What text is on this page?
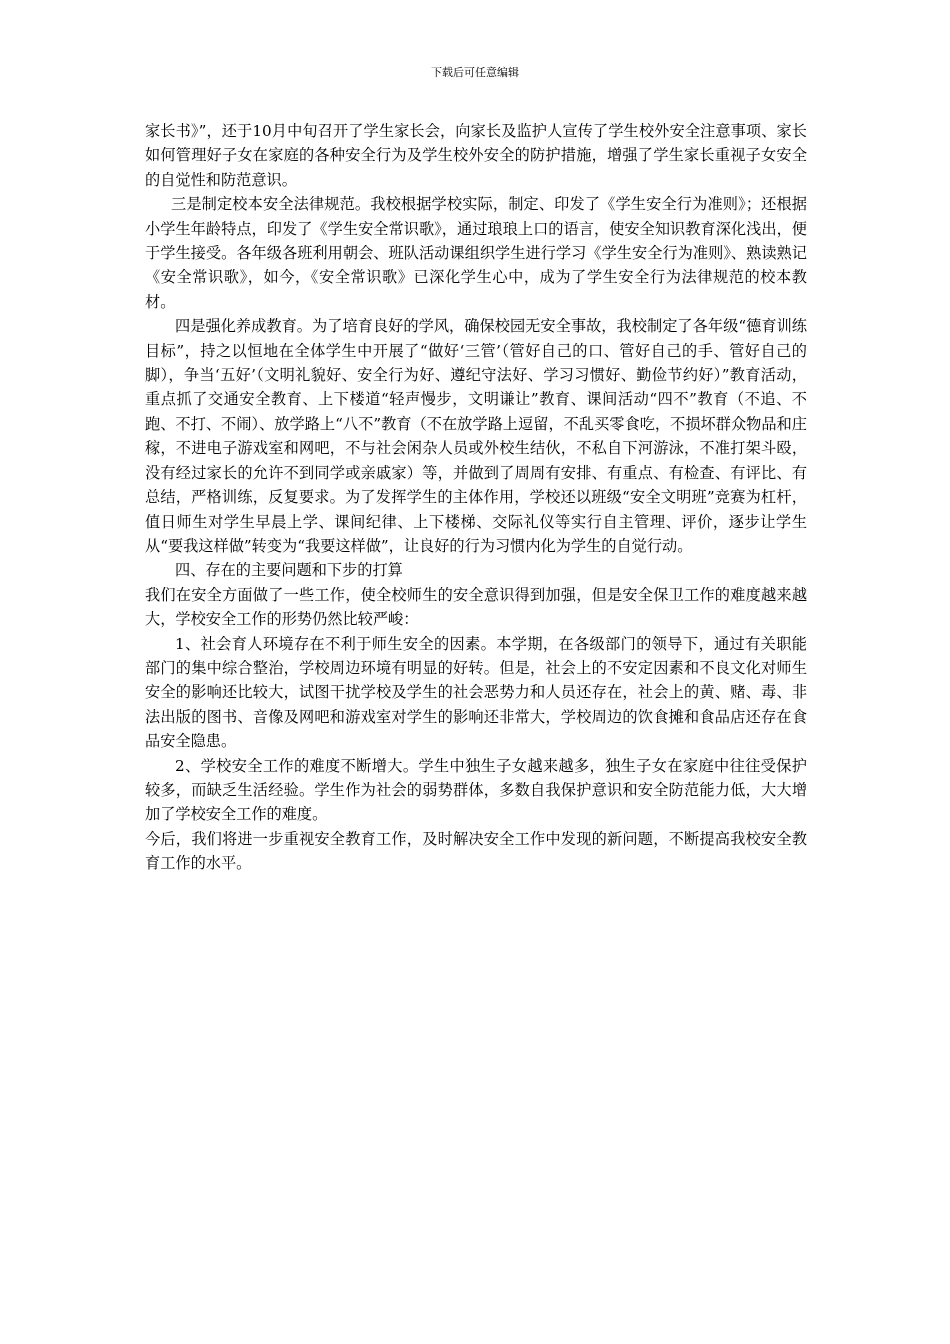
下载后可任意编辑

家长书》”，还于10月中旬召开了学生家长会，向家长及监护人宣传了学生校外安全注意事项、家长如何管理好子女在家庭的各种安全行为及学生校外安全的防护措施，增强了学生家长重视子女安全的自觉性和防范意识。

三是制定校本安全法律规范。我校根据学校实际，制定、印发了《学生安全行为准则》；还根据小学生年龄特点，印发了《学生安全常识歌》，通过琅琅上口的语言，使安全知识教育深化浅出，便于学生接受。各年级各班利用朝会、班队活动课组织学生进行学习《学生安全行为准则》、熟读熟记《安全常识歌》，如今，《安全常识歌》已深化学生心中，成为了学生安全行为法律规范的校本教材。

四是强化养成教育。为了培育良好的学风，确保校园无安全事故，我校制定了各年级“德育训练目标”，持之以恒地在全体学生中开展了“做好‘三管’（管好自己的口、管好自己的手、管好自己的脚），争当‘五好’（文明礼貌好、安全行为好、遵纪守法好、学习习惯好、勤俭节约好）”教育活动，重点抓了交通安全教育、上下楼道“轻声慢步，文明谦让”教育、课间活动“四不”教育（不追、不跑、不打、不闹）、放学路上“八不”教育（不在放学路上逗留，不乱买零食吃，不损坏群众物品和庄稼，不进电子游戏室和网吧，不与社会闲杂人员或外校生结伙，不私自下河游泳，不准打架斗殴，没有经过家长的允许不到同学或亲戚家）等，并做到了周周有安排、有重点、有检查、有评比、有总结，严格训练，反复要求。为了发挥学生的主体作用，学校还以班级“安全文明班”竞赛为杠杆，值日师生对学生早晨上学、课间纪律、上下楼梯、交际礼仪等实行自主管理、评价，逐步让学生从“要我这样做”转变为“我要这样做”，让良好的行为习惯内化为学生的自觉行动。

四、存在的主要问题和下步的打算

我们在安全方面做了一些工作，使全校师生的安全意识得到加强，但是安全保卫工作的难度越来越大，学校安全工作的形势仍然比较严峻：

1、社会育人环境存在不利于师生安全的因素。本学期，在各级部门的领导下，通过有关职能部门的集中综合整治，学校周边环境有明显的好转。但是，社会上的不安定因素和不良文化对师生安全的影响还比较大，试图干扰学校及学生的社会恶势力和人员还存在，社会上的黄、赌、毒、非法出版的图书、音像及网吧和游戏室对学生的影响还非常大，学校周边的饮食摊和食品店还存在食品安全隐患。

2、学校安全工作的难度不断增大。学生中独生子女越来越多，独生子女在家庭中往往受保护较多，而缺乏生活经验。学生作为社会的弱势群体，多数自我保护意识和安全防范能力低，大大增加了学校安全工作的难度。

今后，我们将进一步重视安全教育工作，及时解决安全工作中发现的新问题，不断提高我校安全教育工作的水平。
